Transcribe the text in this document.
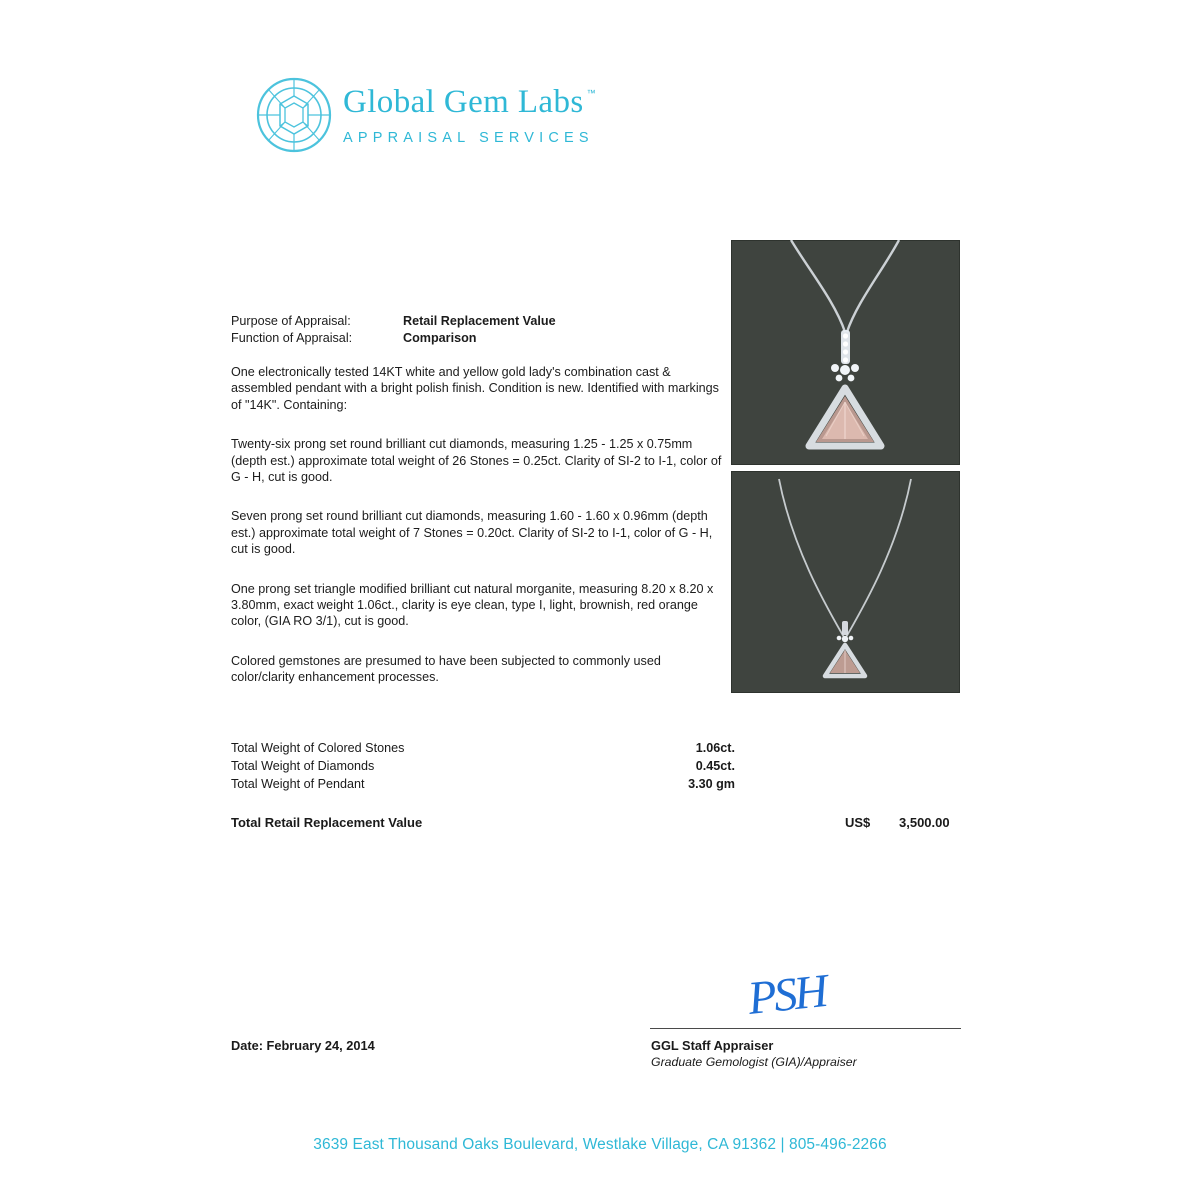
Global Gem Labs ™
APPRAISAL SERVICES
Purpose of Appraisal:	Retail Replacement Value
Function of Appraisal:	Comparison
One electronically tested 14KT white and yellow gold lady's combination cast & assembled pendant with a bright polish finish. Condition is new. Identified with markings of "14K". Containing:
Twenty-six prong set round brilliant cut diamonds, measuring 1.25 - 1.25 x 0.75mm (depth est.) approximate total weight of 26 Stones = 0.25ct. Clarity of SI-2 to I-1, color of G - H, cut is good.
Seven prong set round brilliant cut diamonds, measuring 1.60 - 1.60 x 0.96mm (depth est.) approximate total weight of 7 Stones = 0.20ct. Clarity of SI-2 to I-1, color of G - H, cut is good.
One prong set triangle modified brilliant cut natural morganite, measuring 8.20 x 8.20 x 3.80mm, exact weight 1.06ct., clarity is eye clean, type I, light, brownish, red orange color, (GIA RO 3/1), cut is good.
Colored gemstones are presumed to have been subjected to commonly used color/clarity enhancement processes.
Total Weight of Colored Stones	1.06ct.
Total Weight of Diamonds	0.45ct.
Total Weight of Pendant	3.30 gm
Total Retail Replacement Value	US$	3,500.00
PSH
GGL Staff Appraiser
Graduate Gemologist (GIA)/Appraiser
Date: February 24, 2014
3639 East Thousand Oaks Boulevard, Westlake Village, CA 91362 | 805-496-2266
